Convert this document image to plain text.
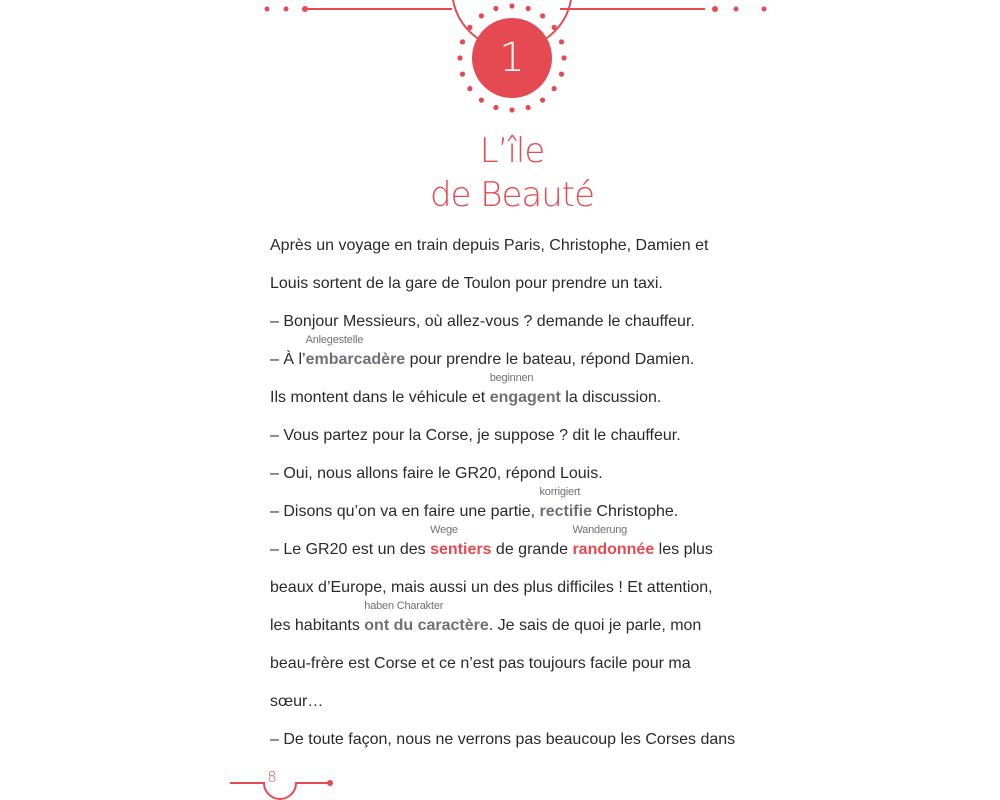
1
L’île
de Beauté
Après un voyage en train depuis Paris, Christophe, Damien et
Louis sortent de la gare de Toulon pour prendre un taxi.
– Bonjour Messieurs, où allez-vous ? demande le chauffeur.
– À l’
Anlegestelle
embarcadère pour prendre le bateau, répond Damien.
Ils montent dans le véhicule et
beginnen
engagent la discussion.
– Vous partez pour la Corse, je suppose ? dit le chauffeur.
– Oui, nous allons faire le GR20, répond Louis.
– Disons qu’on va en faire une partie,
korrigiert
rectifie Christophe.
– Le GR20 est un des
Wege
sentiers de grande
Wanderung
randonnée les plus
beaux d’Europe, mais aussi un des plus difficiles ! Et attention,
les habitants
haben Charakter
ont du caractère. Je sais de quoi je parle, mon
beau-frère est Corse et ce n’est pas toujours facile pour ma
sœur…
– De toute façon, nous ne verrons pas beaucoup les Corses dans
8
